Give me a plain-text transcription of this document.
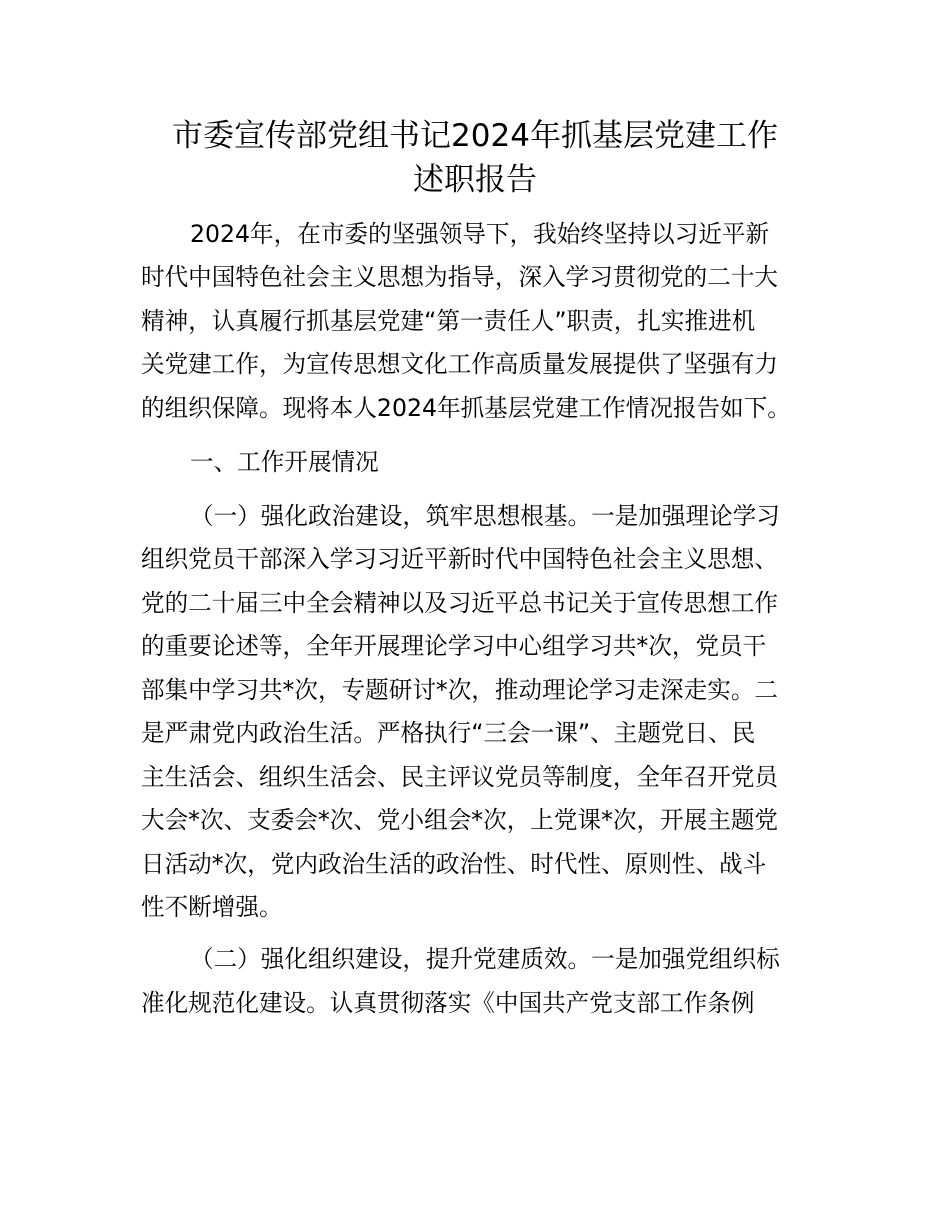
市委宣传部党组书记2024年抓基层党建工作
述职报告

2024年，在市委的坚强领导下，我始终坚持以习近平新

时代中国特色社会主义思想为指导，深入学习贯彻党的二十大

精神，认真履行抓基层党建“第一责任人”职责，扎实推进机

关党建工作，为宣传思想文化工作高质量发展提供了坚强有力

的组织保障。现将本人2024年抓基层党建工作情况报告如下。

一、工作开展情况

（一）强化政治建设，筑牢思想根基。一是加强理论学习

组织党员干部深入学习习近平新时代中国特色社会主义思想、

党的二十届三中全会精神以及习近平总书记关于宣传思想工作

的重要论述等，全年开展理论学习中心组学习共*次，党员干

部集中学习共*次，专题研讨*次，推动理论学习走深走实。二

是严肃党内政治生活。严格执行“三会一课”、主题党日、民

主生活会、组织生活会、民主评议党员等制度，全年召开党员

大会*次、支委会*次、党小组会*次，上党课*次，开展主题党

日活动*次，党内政治生活的政治性、时代性、原则性、战斗

性不断增强。

（二）强化组织建设，提升党建质效。一是加强党组织标

准化规范化建设。认真贯彻落实《中国共产党支部工作条例
